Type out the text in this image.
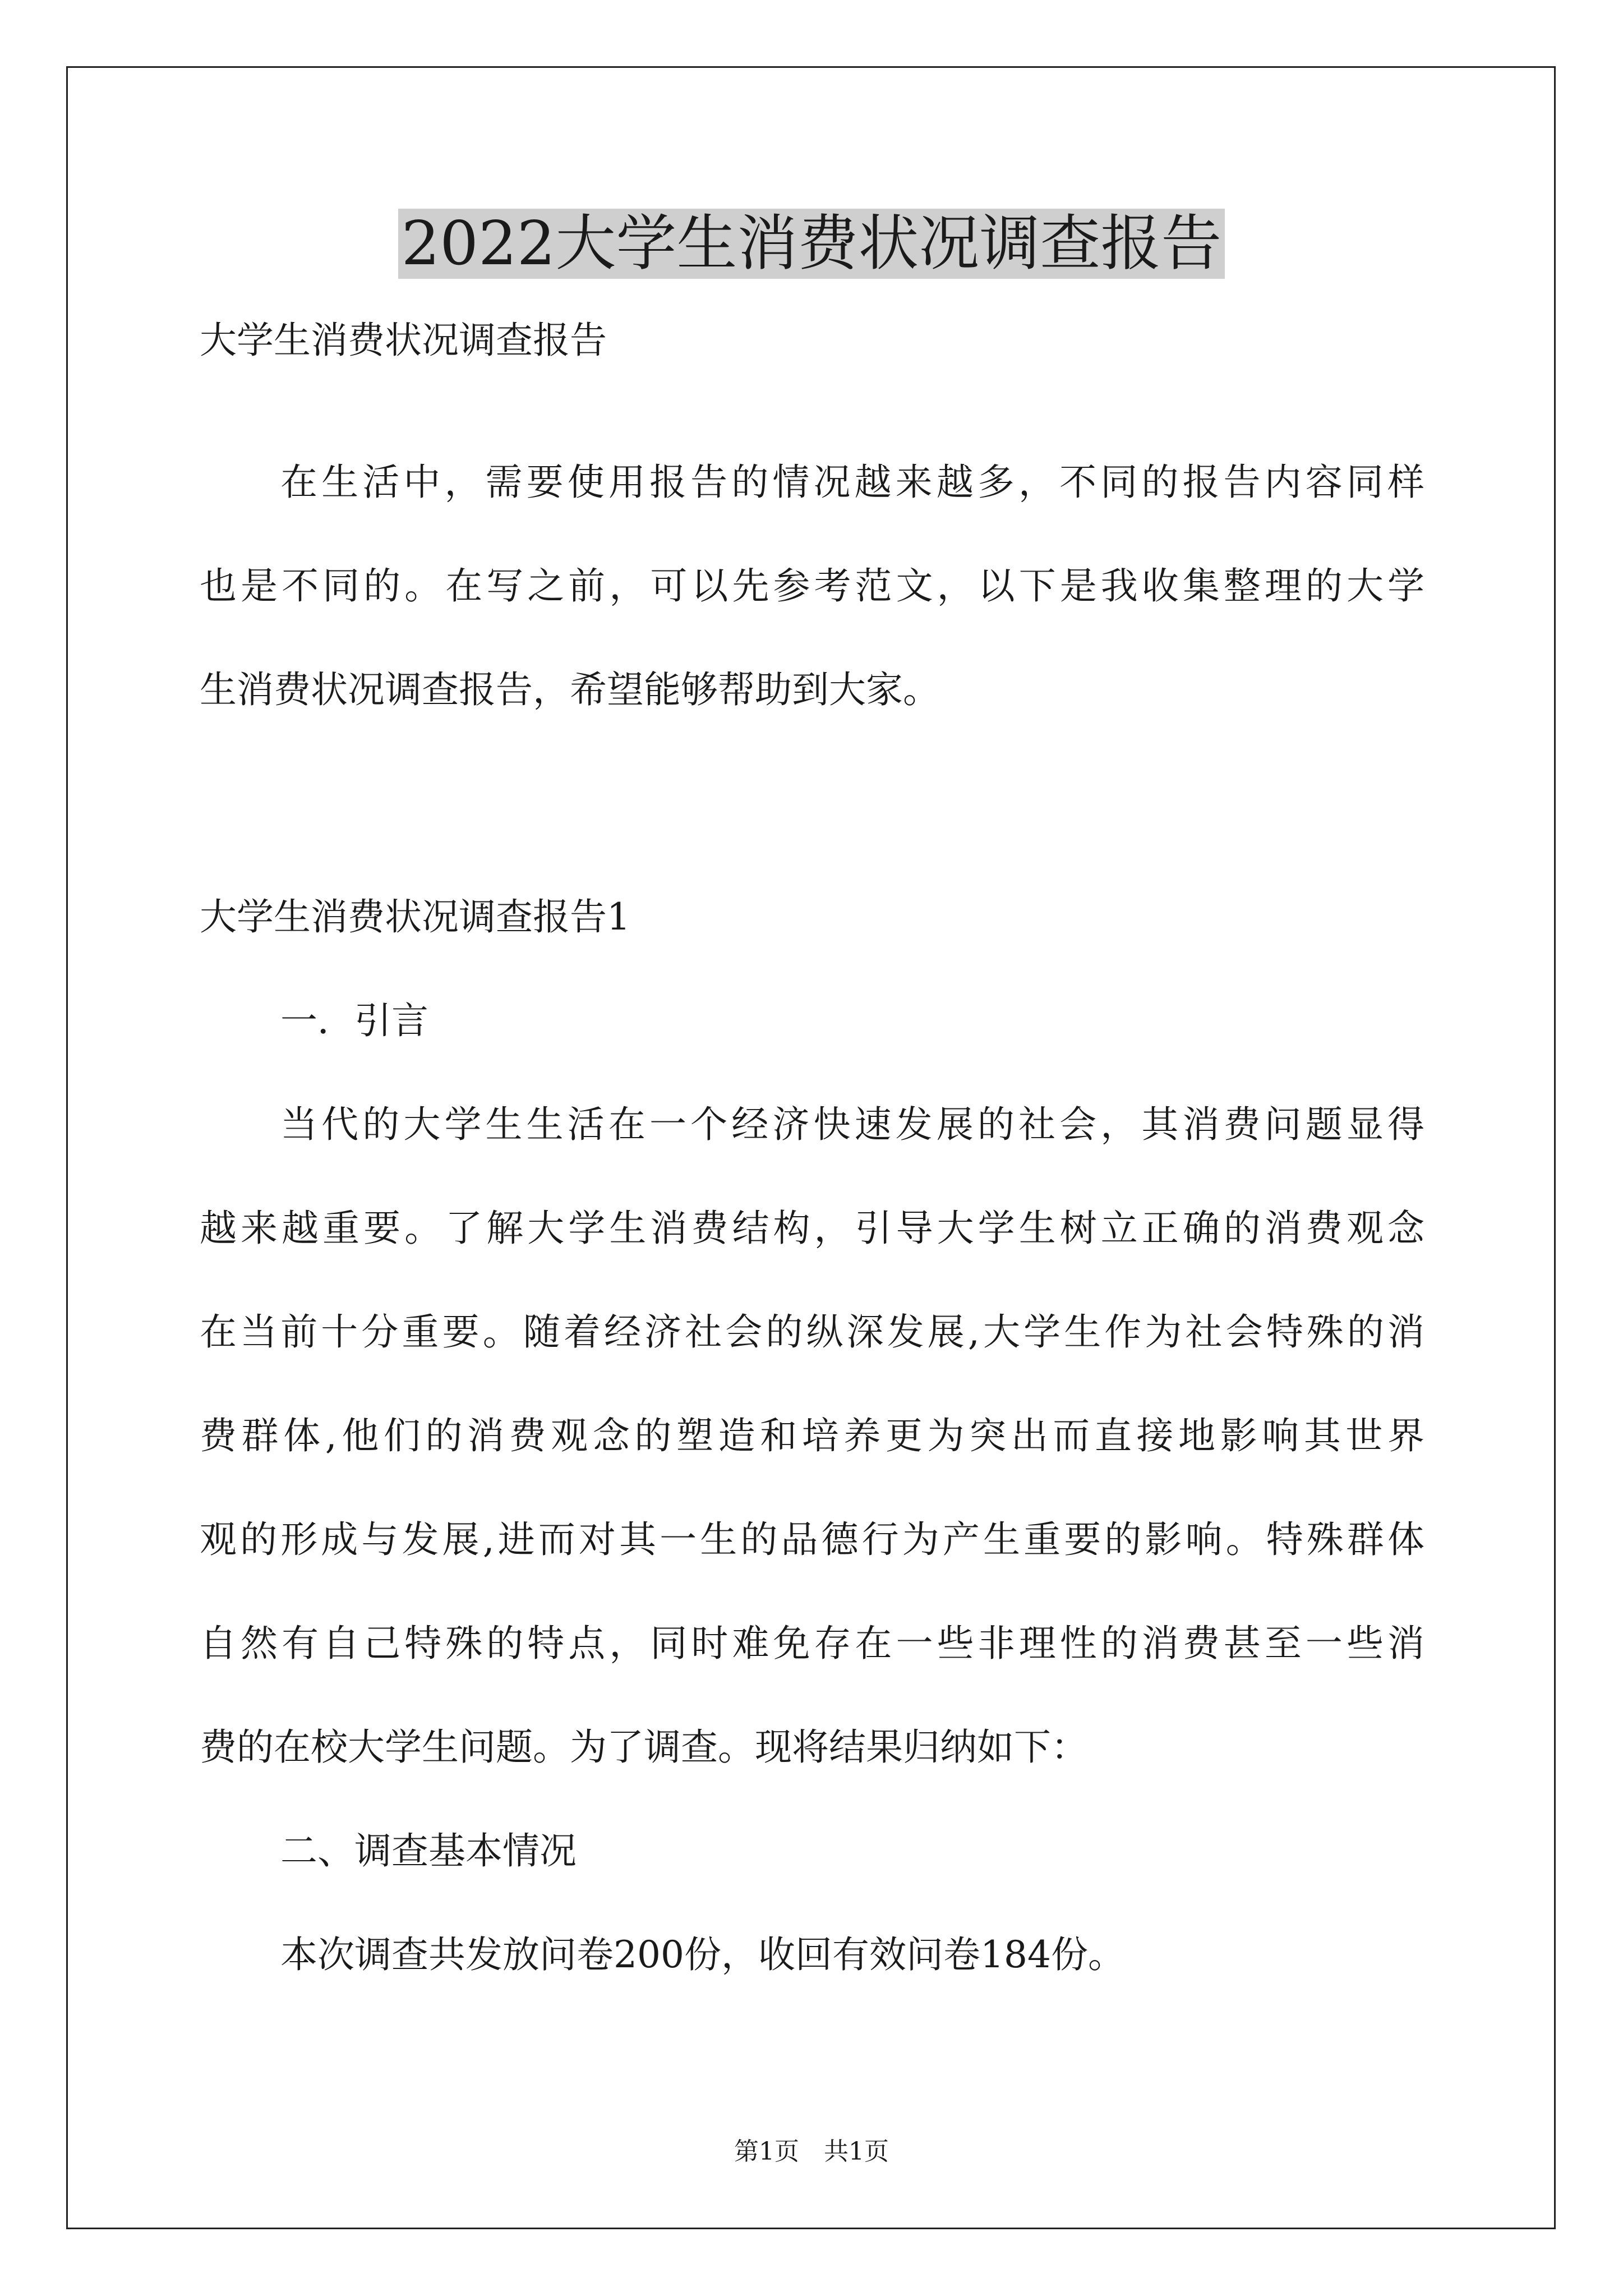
2022大学生消费状况调查报告
大学生消费状况调查报告
在生活中，需要使用报告的情况越来越多，不同的报告内容同样
也是不同的。在写之前，可以先参考范文，以下是我收集整理的大学
生消费状况调查报告，希望能够帮助到大家。
大学生消费状况调查报告1
一．引言
当代的大学生生活在一个经济快速发展的社会，其消费问题显得
越来越重要。了解大学生消费结构，引导大学生树立正确的消费观念
在当前十分重要。随着经济社会的纵深发展,大学生作为社会特殊的消
费群体,他们的消费观念的塑造和培养更为突出而直接地影响其世界
观的形成与发展,进而对其一生的品德行为产生重要的影响。特殊群体
自然有自己特殊的特点，同时难免存在一些非理性的消费甚至一些消
费的在校大学生问题。为了调查。现将结果归纳如下：
二、调查基本情况
本次调查共发放问卷200份，收回有效问卷184份。
第1页　共1页
